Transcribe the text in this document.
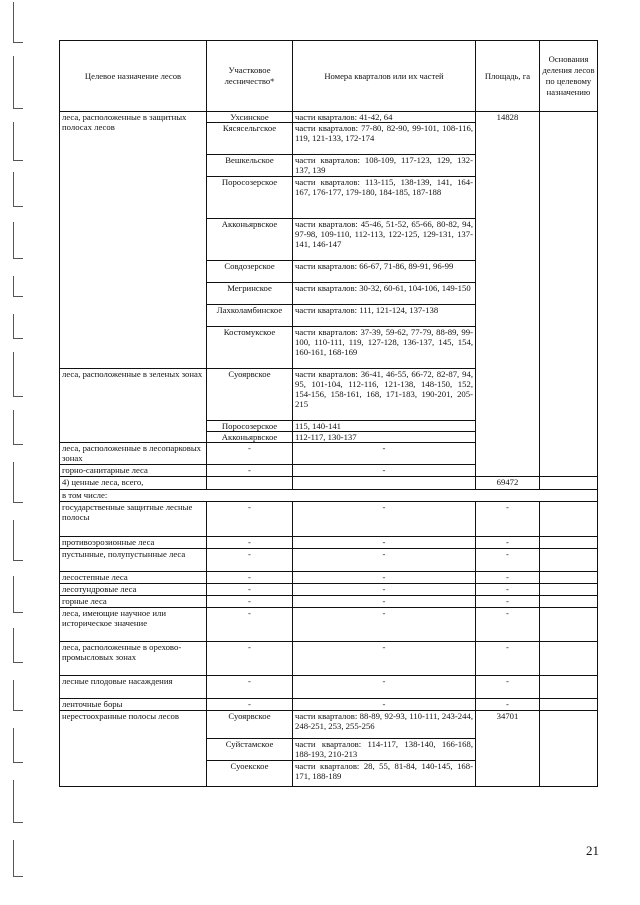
Целевое назначение лесов	Участковое лесничество*	Номера кварталов или их частей	Площадь, га	Основания деления лесов по целевому назначению
леса, расположенные в защитных полосах лесов	Ухсинское	части кварталов: 41-42, 64	14828	
	Кясясельгское	части кварталов: 77-80, 82-90, 99-101, 108-116, 119, 121-133, 172-174		
	Вешкельское	части кварталов: 108-109, 117-123, 129, 132-137, 139		
	Поросозерское	части кварталов: 113-115, 138-139, 141, 164-167, 176-177, 179-180, 184-185, 187-188		
	Акконьярвское	части кварталов: 45-46, 51-52, 65-66, 80-82, 94, 97-98, 109-110, 112-113, 122-125, 129-131, 137-141, 146-147		
	Совдозерское	части кварталов: 66-67, 71-86, 89-91, 96-99		
	Мегринское	части кварталов: 30-32, 60-61, 104-106, 149-150		
	Лахколамбинское	части кварталов: 111, 121-124, 137-138		
	Костомукское	части кварталов: 37-39, 59-62, 77-79, 88-89, 99-100, 110-111, 119, 127-128, 136-137, 145, 154, 160-161, 168-169		
леса, расположенные в зеленых зонах	Суоярвское	части кварталов: 36-41, 46-55, 66-72, 82-87, 94, 95, 101-104, 112-116, 121-138, 148-150, 152, 154-156, 158-161, 168, 171-183, 190-201, 205-215		
	Поросозерское	115, 140-141		
	Акконьярвское	112-117, 130-137		
леса, расположенные в лесопарковых зонах	-	-		
горно-санитарные леса	-	-		
4) ценные леса, всего,			69472	
в том числе:				
государственные защитные лесные полосы	-	-	-	
противоэрозионные леса	-	-	-	
пустынные, полупустынные леса	-	-	-	
лесостепные леса	-	-	-	
лесотундровые леса	-	-	-	
горные леса	-	-	-	
леса, имеющие научное или историческое значение	-	-	-	
леса, расположенные в орехово-промысловых зонах	-	-	-	
лесные плодовые насаждения	-	-	-	
ленточные боры	-	-	-	
нерестоохранные полосы лесов	Суоярвское	части кварталов: 88-89, 92-93, 110-111, 243-244, 248-251, 253, 255-256	34701	
	Суйстамское	части кварталов: 114-117, 138-140, 166-168, 188-193, 210-213		
	Суоекское	части кварталов: 28, 55, 81-84, 140-145, 168-171, 188-189		
21
